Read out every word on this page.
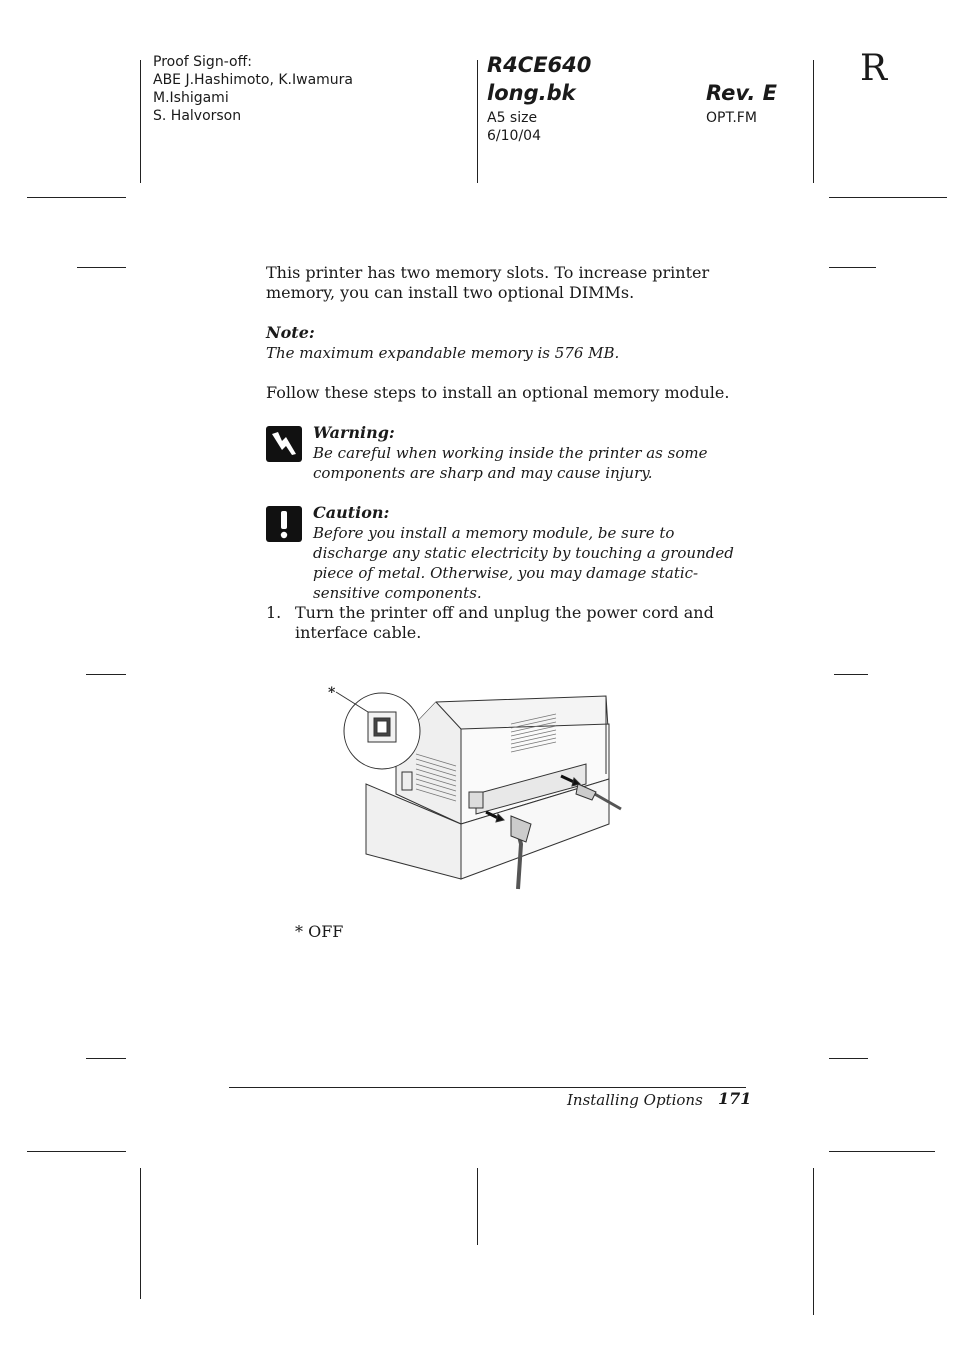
Proof Sign-off:
ABE J.Hashimoto, K.Iwamura
M.Ishigami
S. Halvorson
R4CE640
long.bk	Rev. E
A5 size
6/10/04
OPT.FM
R
This printer has two memory slots. To increase printer memory, you can install two optional DIMMs.
Note:
The maximum expandable memory is 576 MB.
Follow these steps to install an optional memory module.
Warning:
Be careful when working inside the printer as some components are sharp and may cause injury.
Caution:
Before you install a memory module, be sure to discharge any static electricity by touching a grounded piece of metal. Otherwise, you may damage static-sensitive components.
1. Turn the printer off and unplug the power cord and interface cable.
*
* OFF
Installing Options 171
